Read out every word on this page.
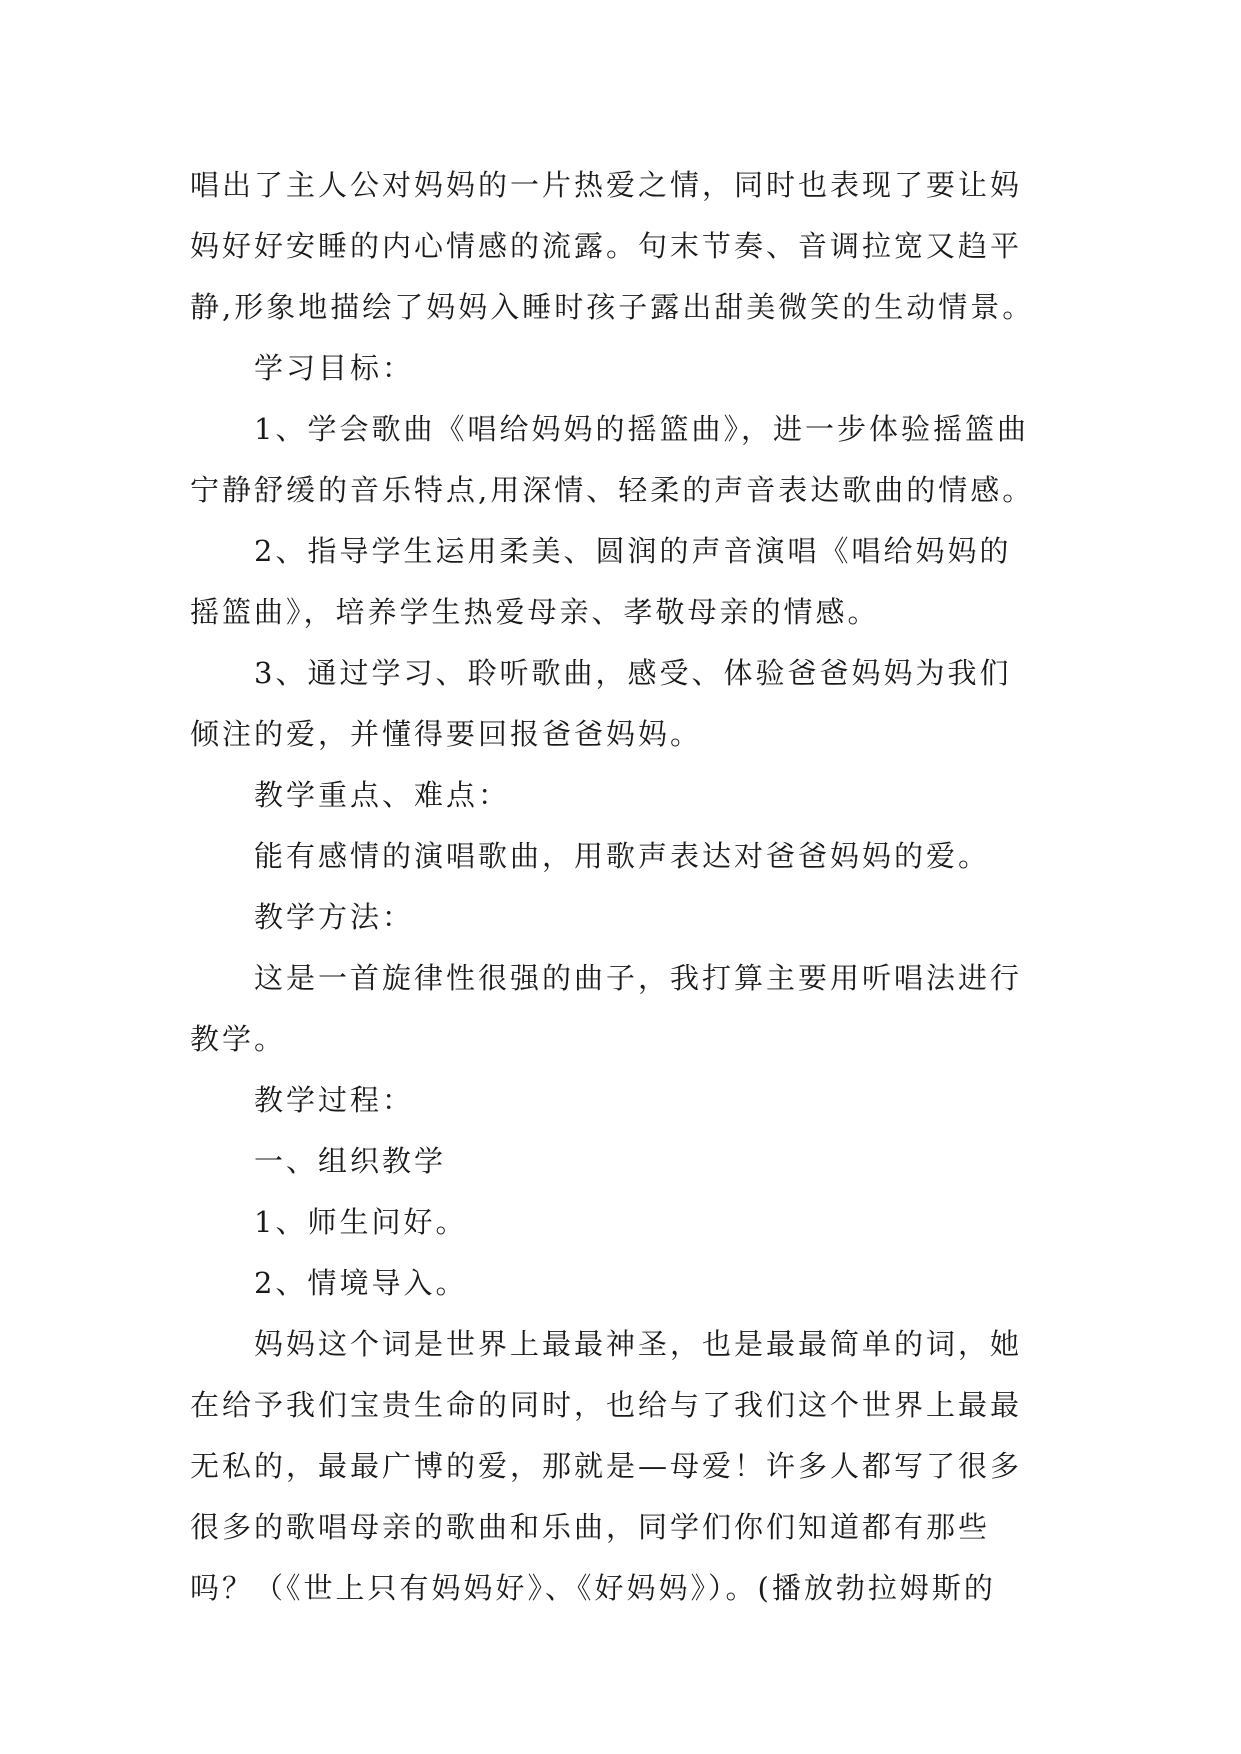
唱出了主人公对妈妈的一片热爱之情，同时也表现了要让妈
妈好好安睡的内心情感的流露。句末节奏、音调拉宽又趋平
静,形象地描绘了妈妈入睡时孩子露出甜美微笑的生动情景。
学习目标：
1、学会歌曲《唱给妈妈的摇篮曲》，进一步体验摇篮曲
宁静舒缓的音乐特点,用深情、轻柔的声音表达歌曲的情感。
2、指导学生运用柔美、圆润的声音演唱《唱给妈妈的
摇篮曲》，培养学生热爱母亲、孝敬母亲的情感。
3、通过学习、聆听歌曲，感受、体验爸爸妈妈为我们
倾注的爱，并懂得要回报爸爸妈妈。
教学重点、难点：
能有感情的演唱歌曲，用歌声表达对爸爸妈妈的爱。
教学方法：
这是一首旋律性很强的曲子，我打算主要用听唱法进行
教学。
教学过程：
一、组织教学
1、师生问好。
2、情境导入。
妈妈这个词是世界上最最神圣，也是最最简单的词，她
在给予我们宝贵生命的同时，也给与了我们这个世界上最最
无私的，最最广博的爱，那就是—母爱！许多人都写了很多
很多的歌唱母亲的歌曲和乐曲，同学们你们知道都有那些
吗？（《世上只有妈妈好》、《好妈妈》）。(播放勃拉姆斯的
